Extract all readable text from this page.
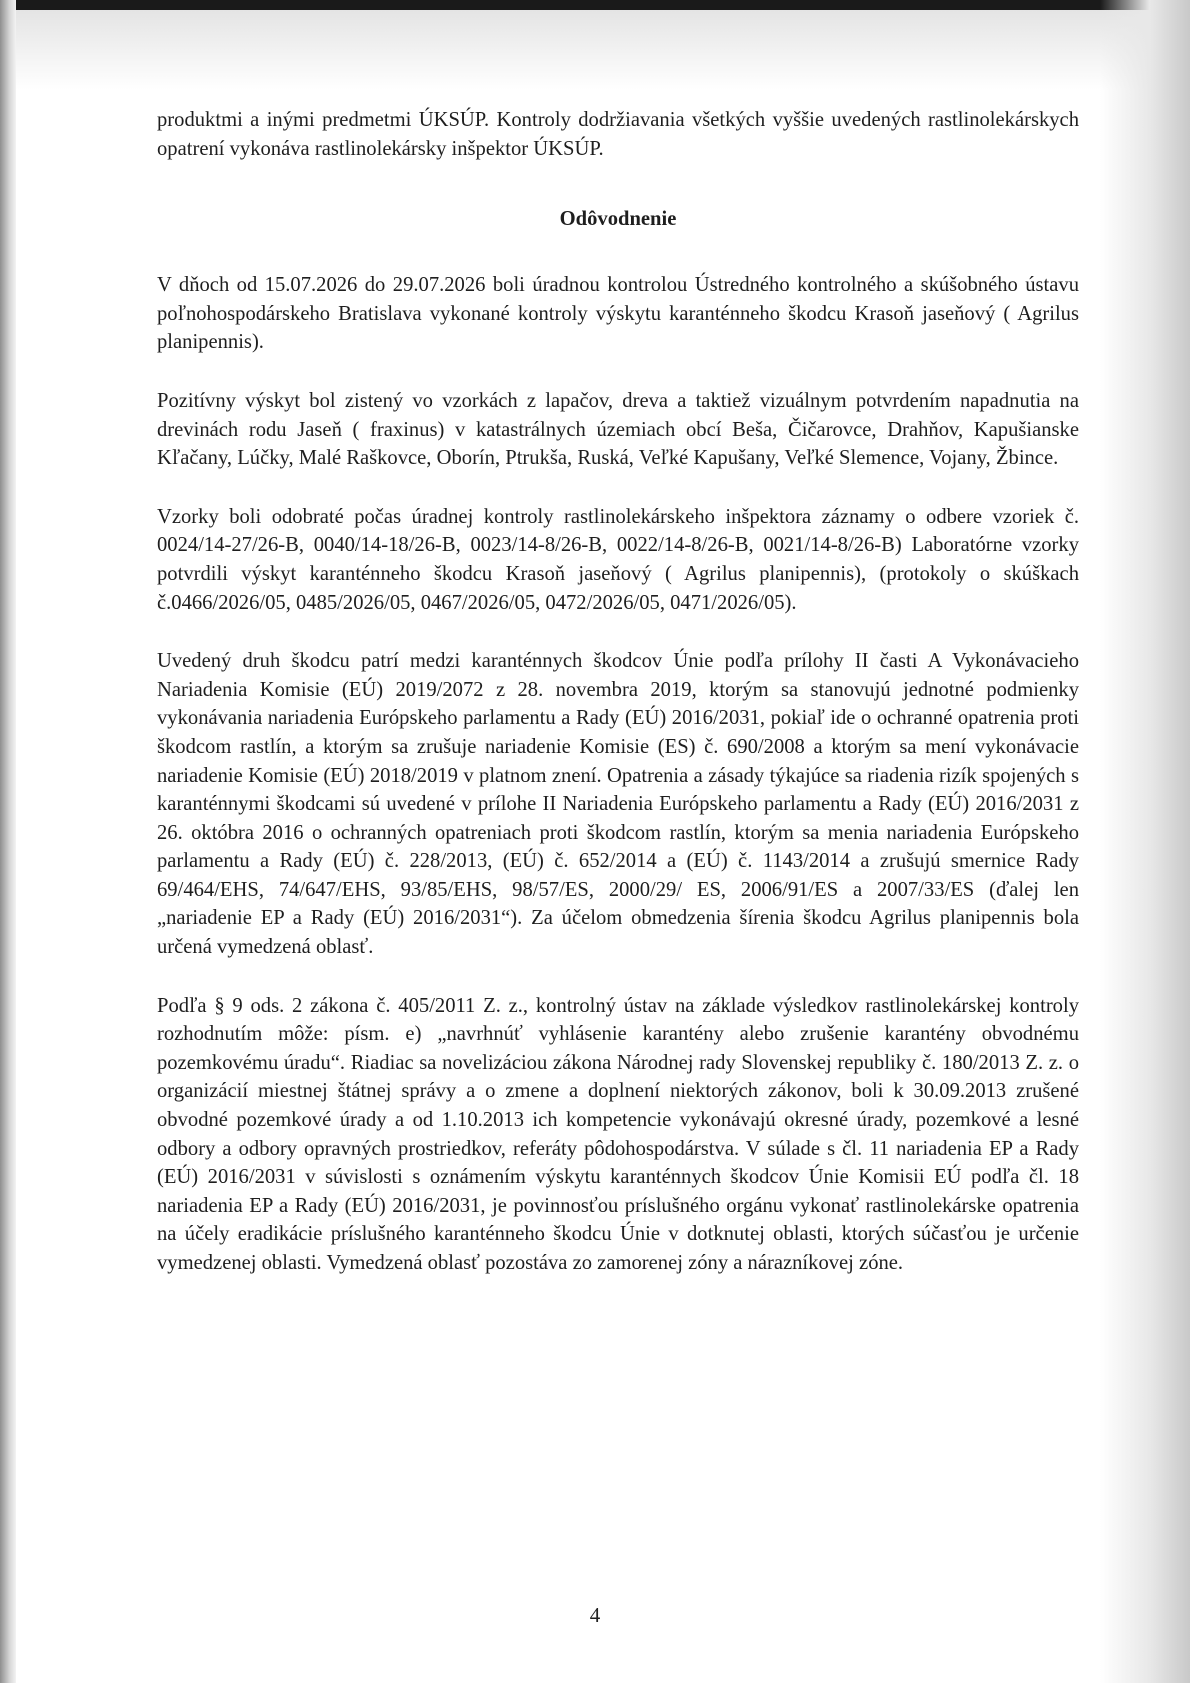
produktmi a inými predmetmi ÚKSÚP. Kontroly dodržiavania všetkých vyššie uvedených rastlinolekárskych opatrení vykonáva rastlinolekársky inšpektor ÚKSÚP.

Odôvodnenie

V dňoch od 15.07.2026 do 29.07.2026 boli úradnou kontrolou Ústredného kontrolného a skúšobného ústavu poľnohospodárskeho Bratislava vykonané kontroly výskytu karanténneho škodcu Krasoň jaseňový ( Agrilus planipennis).

Pozitívny výskyt bol zistený vo vzorkách z lapačov, dreva a taktiež vizuálnym potvrdením napadnutia na drevinách rodu Jaseň ( fraxinus) v katastrálnych územiach obcí Beša, Čičarovce, Drahňov, Kapušianske Kľačany, Lúčky, Malé Raškovce, Oborín, Ptrukša, Ruská, Veľké Kapušany, Veľké Slemence, Vojany, Žbince.

Vzorky boli odobraté počas úradnej kontroly rastlinolekárskeho inšpektora záznamy o odbere vzoriek č. 0024/14-27/26-B, 0040/14-18/26-B, 0023/14-8/26-B, 0022/14-8/26-B, 0021/14-8/26-B) Laboratórne vzorky potvrdili výskyt karanténneho škodcu Krasoň jaseňový ( Agrilus planipennis), (protokoly o skúškach č.0466/2026/05, 0485/2026/05, 0467/2026/05, 0472/2026/05, 0471/2026/05).

Uvedený druh škodcu patrí medzi karanténnych škodcov Únie podľa prílohy II časti A Vykonávacieho Nariadenia Komisie (EÚ) 2019/2072 z 28. novembra 2019, ktorým sa stanovujú jednotné podmienky vykonávania nariadenia Európskeho parlamentu a Rady (EÚ) 2016/2031, pokiaľ ide o ochranné opatrenia proti škodcom rastlín, a ktorým sa zrušuje nariadenie Komisie (ES) č. 690/2008 a ktorým sa mení vykonávacie nariadenie Komisie (EÚ) 2018/2019 v platnom znení. Opatrenia a zásady týkajúce sa riadenia rizík spojených s karanténnymi škodcami sú uvedené v prílohe II Nariadenia Európskeho parlamentu a Rady (EÚ) 2016/2031 z 26. októbra 2016 o ochranných opatreniach proti škodcom rastlín, ktorým sa menia nariadenia Európskeho parlamentu a Rady (EÚ) č. 228/2013, (EÚ) č. 652/2014 a (EÚ) č. 1143/2014 a zrušujú smernice Rady 69/464/EHS, 74/647/EHS, 93/85/EHS, 98/57/ES, 2000/29/ ES, 2006/91/ES a 2007/33/ES (ďalej len „nariadenie EP a Rady (EÚ) 2016/2031“). Za účelom obmedzenia šírenia škodcu Agrilus planipennis bola určená vymedzená oblasť.

Podľa § 9 ods. 2 zákona č. 405/2011 Z. z., kontrolný ústav na základe výsledkov rastlinolekárskej kontroly rozhodnutím môže: písm. e) „navrhnúť vyhlásenie karantény alebo zrušenie karantény obvodnému pozemkovému úradu“. Riadiac sa novelizáciou zákona Národnej rady Slovenskej republiky č. 180/2013 Z. z. o organizácií miestnej štátnej správy a o zmene a doplnení niektorých zákonov, boli k 30.09.2013 zrušené obvodné pozemkové úrady a od 1.10.2013 ich kompetencie vykonávajú okresné úrady, pozemkové a lesné odbory a odbory opravných prostriedkov, referáty pôdohospodárstva. V súlade s čl. 11 nariadenia EP a Rady (EÚ) 2016/2031 v súvislosti s oznámením výskytu karanténnych škodcov Únie Komisii EÚ podľa čl. 18 nariadenia EP a Rady (EÚ) 2016/2031, je povinnosťou príslušného orgánu vykonať rastlinolekárske opatrenia na účely eradikácie príslušného karanténneho škodcu Únie v dotknutej oblasti, ktorých súčasťou je určenie vymedzenej oblasti. Vymedzená oblasť pozostáva zo zamorenej zóny a nárazníkovej zóne.

4
